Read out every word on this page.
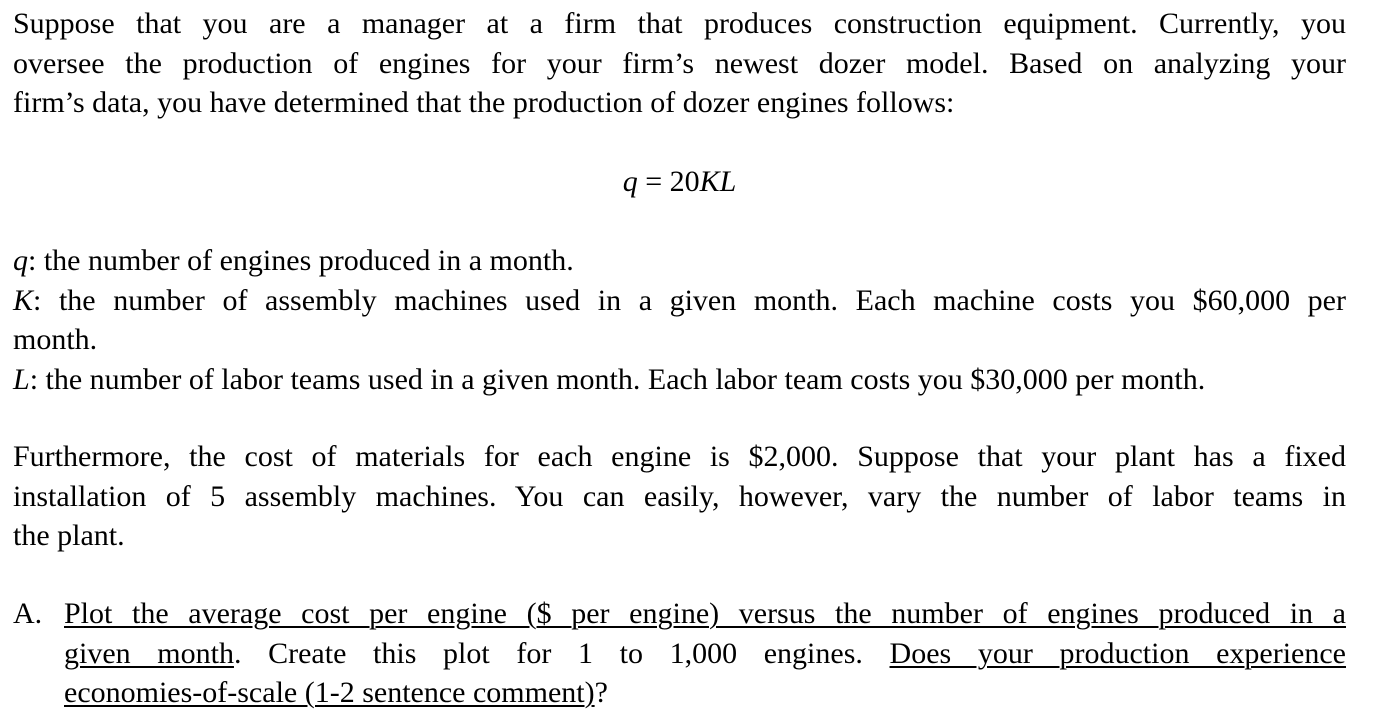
Suppose that you are a manager at a firm that produces construction equipment. Currently, you
oversee the production of engines for your firm’s newest dozer model. Based on analyzing your
firm’s data, you have determined that the production of dozer engines follows:
q = 20KL
q: the number of engines produced in a month.
K: the number of assembly machines used in a given month. Each machine costs you $60,000 per
month.
L: the number of labor teams used in a given month. Each labor team costs you $30,000 per month.
Furthermore, the cost of materials for each engine is $2,000. Suppose that your plant has a fixed
installation of 5 assembly machines. You can easily, however, vary the number of labor teams in
the plant.
A. Plot the average cost per engine ($ per engine) versus the number of engines produced in a
given month. Create this plot for 1 to 1,000 engines. Does your production experience
economies-of-scale (1-2 sentence comment)?
